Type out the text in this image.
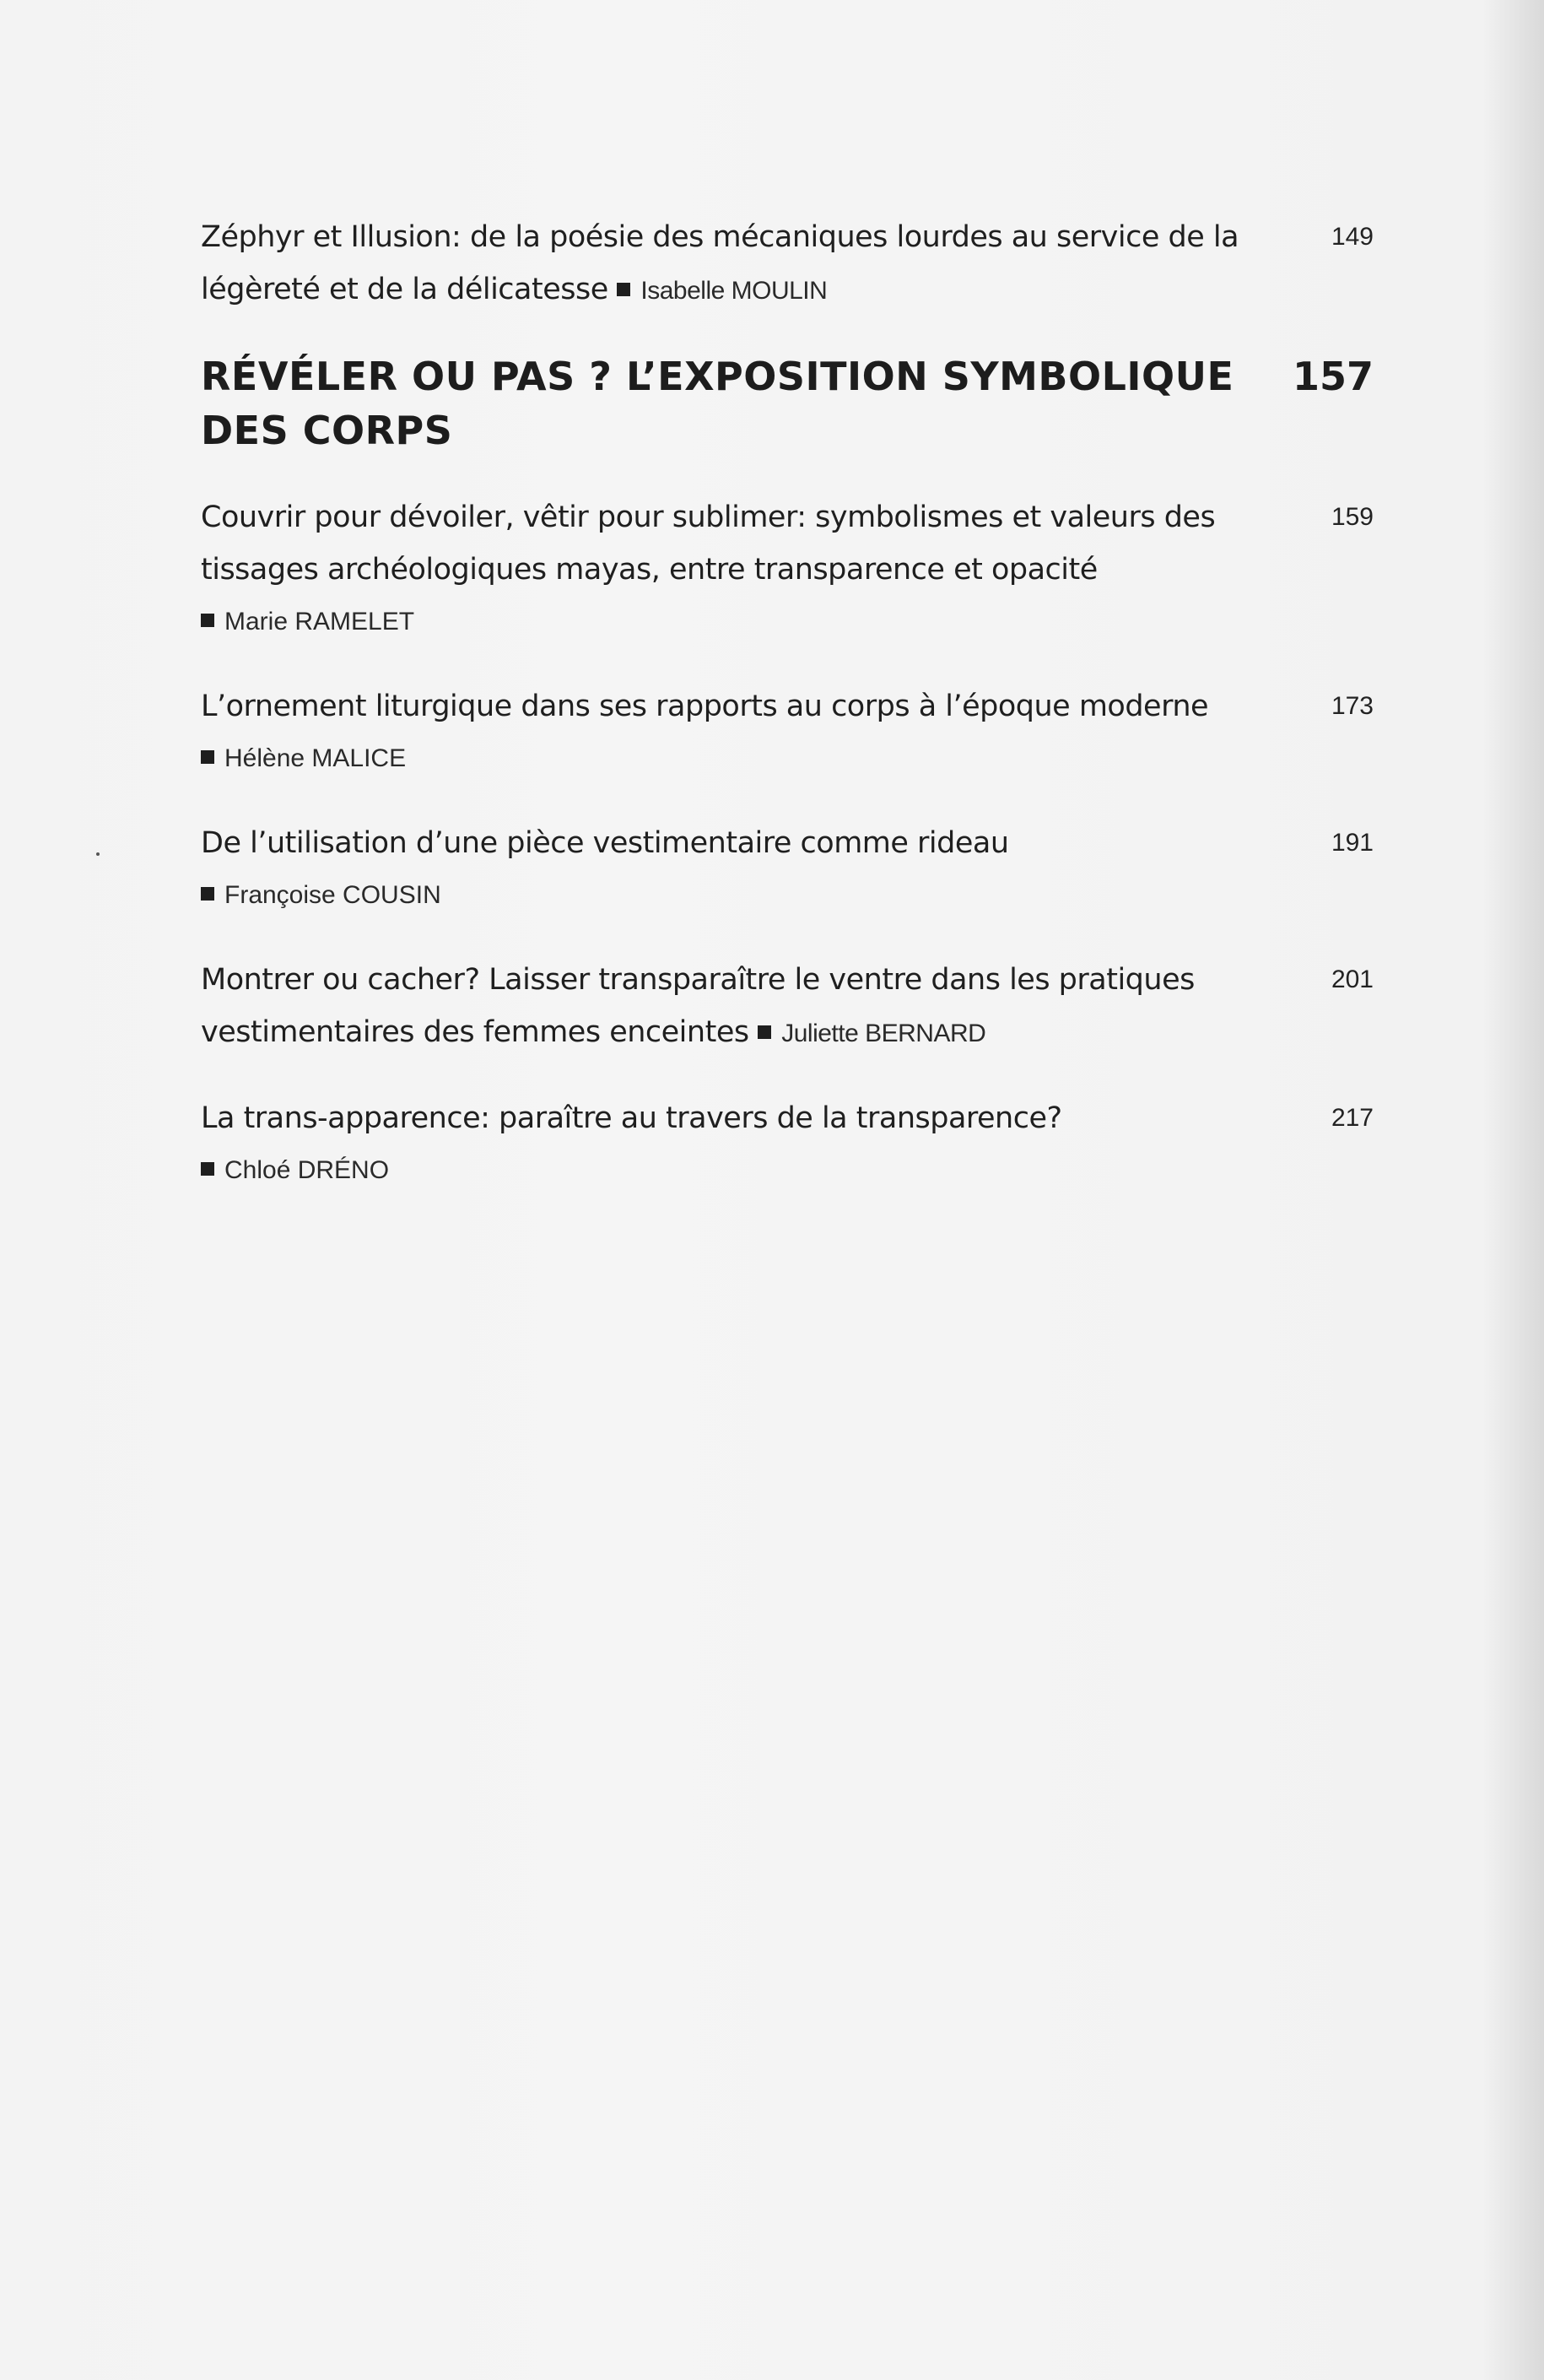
Zéphyr et Illusion: de la poésie des mécaniques lourdes au service de la légèreté et de la délicatesse Isabelle MOULIN
149
RÉVÉLER OU PAS ? L’EXPOSITION SYMBOLIQUE DES CORPS
157
Couvrir pour dévoiler, vêtir pour sublimer: symbolismes et valeurs des tissages archéologiques mayas, entre transparence et opacité
Marie RAMELET
159
L’ornement liturgique dans ses rapports au corps à l’époque moderne
Hélène MALICE
173
De l’utilisation d’une pièce vestimentaire comme rideau
Françoise COUSIN
191
Montrer ou cacher? Laisser transparaître le ventre dans les pratiques vestimentaires des femmes enceintes Juliette BERNARD
201
La trans-apparence: paraître au travers de la transparence?
Chloé DRÉNO
217
